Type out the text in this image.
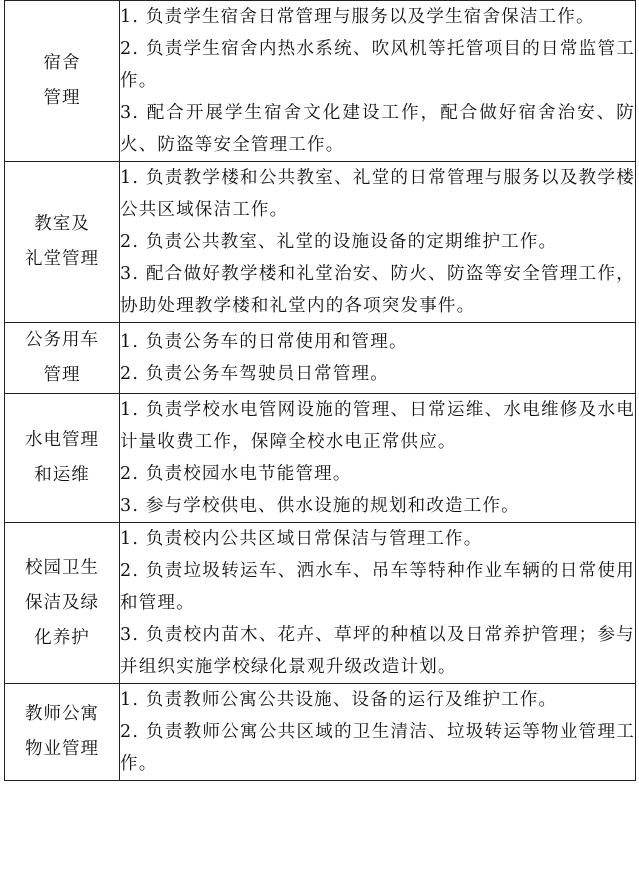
宿舍
管理	1. 负责学生宿舍日常管理与服务以及学生宿舍保洁工作。
2. 负责学生宿舍内热水系统、吹风机等托管项目的日常监管工作。
3. 配合开展学生宿舍文化建设工作，配合做好宿舍治安、防火、防盗等安全管理工作。

教室及
礼堂管理	1. 负责教学楼和公共教室、礼堂的日常管理与服务以及教学楼公共区域保洁工作。
2. 负责公共教室、礼堂的设施设备的定期维护工作。
3. 配合做好教学楼和礼堂治安、防火、防盗等安全管理工作，协助处理教学楼和礼堂内的各项突发事件。

公务用车
管理	1. 负责公务车的日常使用和管理。
2. 负责公务车驾驶员日常管理。

水电管理
和运维	1. 负责学校水电管网设施的管理、日常运维、水电维修及水电计量收费工作，保障全校水电正常供应。
2. 负责校园水电节能管理。
3. 参与学校供电、供水设施的规划和改造工作。

校园卫生
保洁及绿
化养护	1. 负责校内公共区域日常保洁与管理工作。
2. 负责垃圾转运车、洒水车、吊车等特种作业车辆的日常使用和管理。
3. 负责校内苗木、花卉、草坪的种植以及日常养护管理；参与并组织实施学校绿化景观升级改造计划。

教师公寓
物业管理	1. 负责教师公寓公共设施、设备的运行及维护工作。
2. 负责教师公寓公共区域的卫生清洁、垃圾转运等物业管理工作。
